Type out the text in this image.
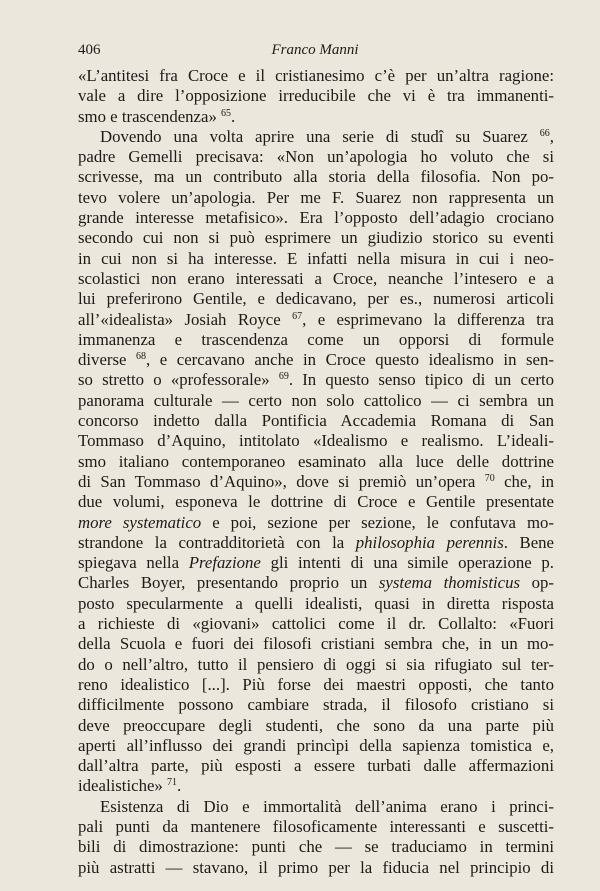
406	Franco Manni
«L’antitesi fra Croce e il cristianesimo c’è per un’altra ragione:
vale a dire l’opposizione irreducibile che vi è tra immanenti-
smo e trascendenza» $^{65}$.
Dovendo una volta aprire una serie di studî su Suarez $^{66}$,
padre Gemelli precisava: «Non un’apologia ho voluto che si
scrivesse, ma un contributo alla storia della filosofia. Non po-
tevo volere un’apologia. Per me F. Suarez non rappresenta un
grande interesse metafisico». Era l’opposto dell’adagio crociano
secondo cui non si può esprimere un giudizio storico su eventi
in cui non si ha interesse. E infatti nella misura in cui i neo-
scolastici non erano interessati a Croce, neanche l’intesero e a
lui preferirono Gentile, e dedicavano, per es., numerosi articoli
all’«idealista» Josiah Royce $^{67}$, e esprimevano la differenza tra
immanenza e trascendenza come un opporsi di formule
diverse $^{68}$, e cercavano anche in Croce questo idealismo in sen-
so stretto o «professorale» $^{69}$. In questo senso tipico di un certo
panorama culturale — certo non solo cattolico — ci sembra un
concorso indetto dalla Pontificia Accademia Romana di San
Tommaso d’Aquino, intitolato «Idealismo e realismo. L’ideali-
smo italiano contemporaneo esaminato alla luce delle dottrine
di San Tommaso d’Aquino», dove si premiò un’opera $^{70}$ che, in
due volumi, esponeva le dottrine di Croce e Gentile presentate
more systematico e poi, sezione per sezione, le confutava mo-
strandone la contradditorietà con la philosophia perennis. Bene
spiegava nella Prefazione gli intenti di una simile operazione p.
Charles Boyer, presentando proprio un systema thomisticus op-
posto specularmente a quelli idealisti, quasi in diretta risposta
a richieste di «giovani» cattolici come il dr. Collalto: «Fuori
della Scuola e fuori dei filosofi cristiani sembra che, in un mo-
do o nell’altro, tutto il pensiero di oggi si sia rifugiato sul ter-
reno idealistico [...]. Più forse dei maestri opposti, che tanto
difficilmente possono cambiare strada, il filosofo cristiano si
deve preoccupare degli studenti, che sono da una parte più
aperti all’influsso dei grandi princìpi della sapienza tomistica e,
dall’altra parte, più esposti a essere turbati dalle affermazioni
idealistiche» $^{71}$.
Esistenza di Dio e immortalità dell’anima erano i princi-
pali punti da mantenere filosoficamente interessanti e suscetti-
bili di dimostrazione: punti che — se traduciamo in termini
più astratti — stavano, il primo per la fiducia nel principio di
